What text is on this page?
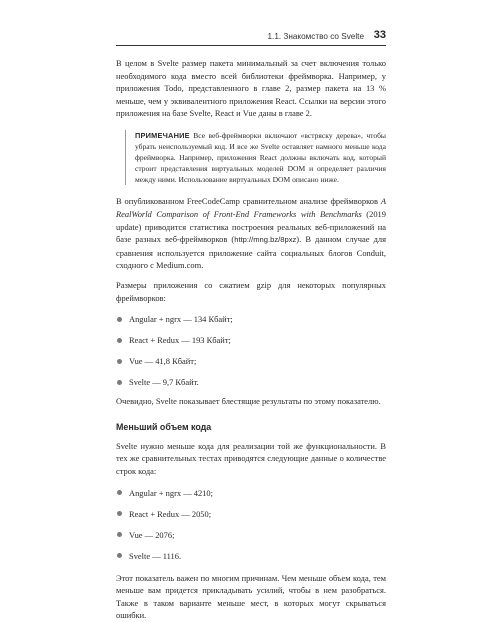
1.1. Знакомство со Svelte 33

В целом в Svelte размер пакета минимальный за счет включения только необходимого кода вместо всей библиотеки фреймворка. Например, у приложения Todo, представленного в главе 2, размер пакета на 13 % меньше, чем у эквивалентного приложения React. Ссылки на версии этого приложения на базе Svelte, React и Vue даны в главе 2.

ПРИМЕЧАНИЕ Все веб-фреймворки включают «встряску дерева», чтобы убрать неиспользуемый код. И все же Svelte оставляет намного меньше кода фреймворка. Например, приложения React должны включать код, который строит представления виртуальных моделей DOM и определяет различия между ними. Использование виртуальных DOM описано ниже.

В опубликованном FreeCodeCamp сравнительном анализе фреймворков A RealWorld Comparison of Front-End Frameworks with Benchmarks (2019 update) приводится статистика построения реальных веб-приложений на базе разных веб-фреймворков (http://mng.bz/8pxz). В данном случае для сравнения используется приложение сайта социальных блогов Conduit, сходного с Medium.com.

Размеры приложения со сжатием gzip для некоторых популярных фреймворков:

Angular + ngrx — 134 Кбайт;
React + Redux — 193 Кбайт;
Vue — 41,8 Кбайт;
Svelte — 9,7 Кбайт.

Очевидно, Svelte показывает блестящие результаты по этому показателю.

Меньший объем кода

Svelte нужно меньше кода для реализации той же функциональности. В тех же сравнительных тестах приводятся следующие данные о количестве строк кода:

Angular + ngrx — 4210;
React + Redux — 2050;
Vue — 2076;
Svelte — 1116.

Этот показатель важен по многим причинам. Чем меньше объем кода, тем меньше вам придется прикладывать усилий, чтобы в нем разобраться. Также в таком варианте меньше мест, в которых могут скрываться ошибки.
